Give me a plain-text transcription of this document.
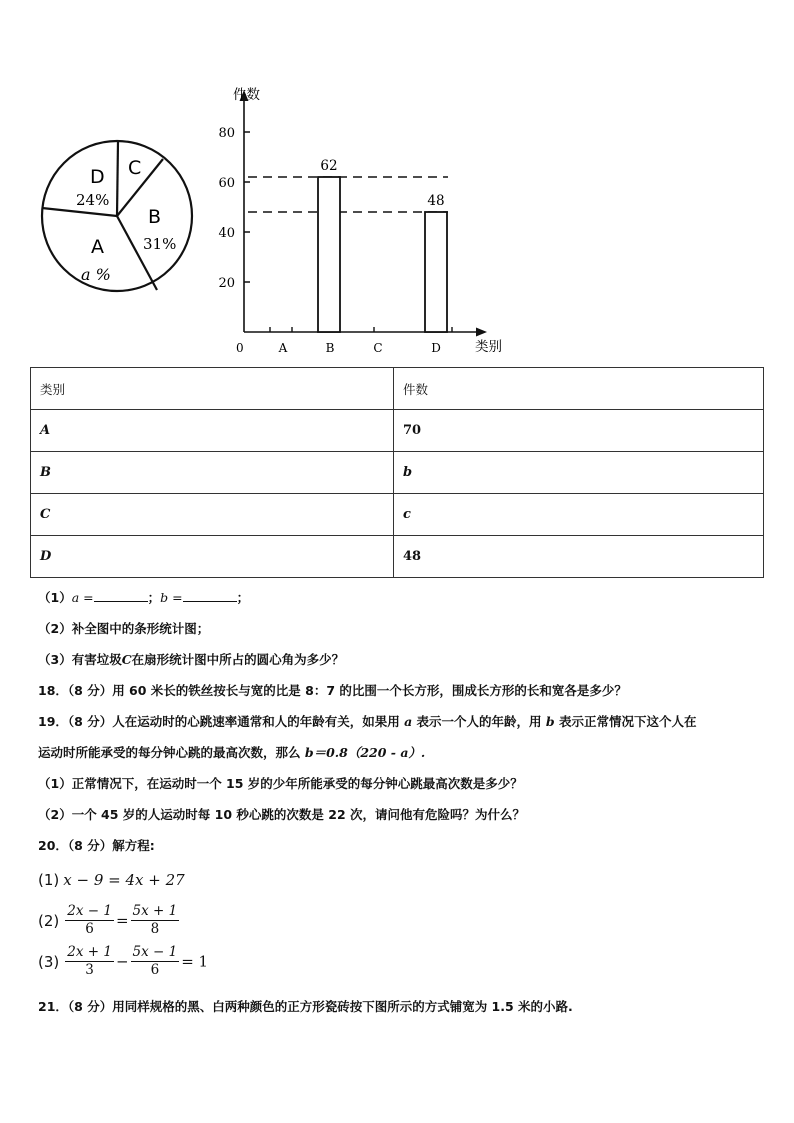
D
24%
C
B
31%
A
a %
件数
类别
0
20
40
60
80
A	B	C	D
62
48
类别	件数
A	70
B	b
C	c
D	48
（1）a =	；b =	；
（2）补全图中的条形统计图；
（3）有害垃圾C在扇形统计图中所占的圆心角为多少？
18．（8 分）用 60 米长的铁丝按长与宽的比是 8：7 的比围一个长方形，围成长方形的长和宽各是多少？
19．（8 分）人在运动时的心跳速率通常和人的年龄有关，如果用 a 表示一个人的年龄，用 b 表示正常情况下这个人在
运动时所能承受的每分钟心跳的最高次数，那么 b＝0.8（220 - a）.
（1）正常情况下，在运动时一个 15 岁的少年所能承受的每分钟心跳最高次数是多少？
（2）一个 45 岁的人运动时每 10 秒心跳的次数是 22 次，请问他有危险吗？为什么？
20．（8 分）解方程:
(1) x − 9 = 4x + 27
$(2) \frac{2x - 1}{6} = \frac{5x + 1}{8}$
$(3) \frac{2x + 1}{3} - \frac{5x - 1}{6} = 1$
21．（8 分）用同样规格的黑、白两种颜色的正方形瓷砖按下图所示的方式铺宽为 1.5 米的小路.
